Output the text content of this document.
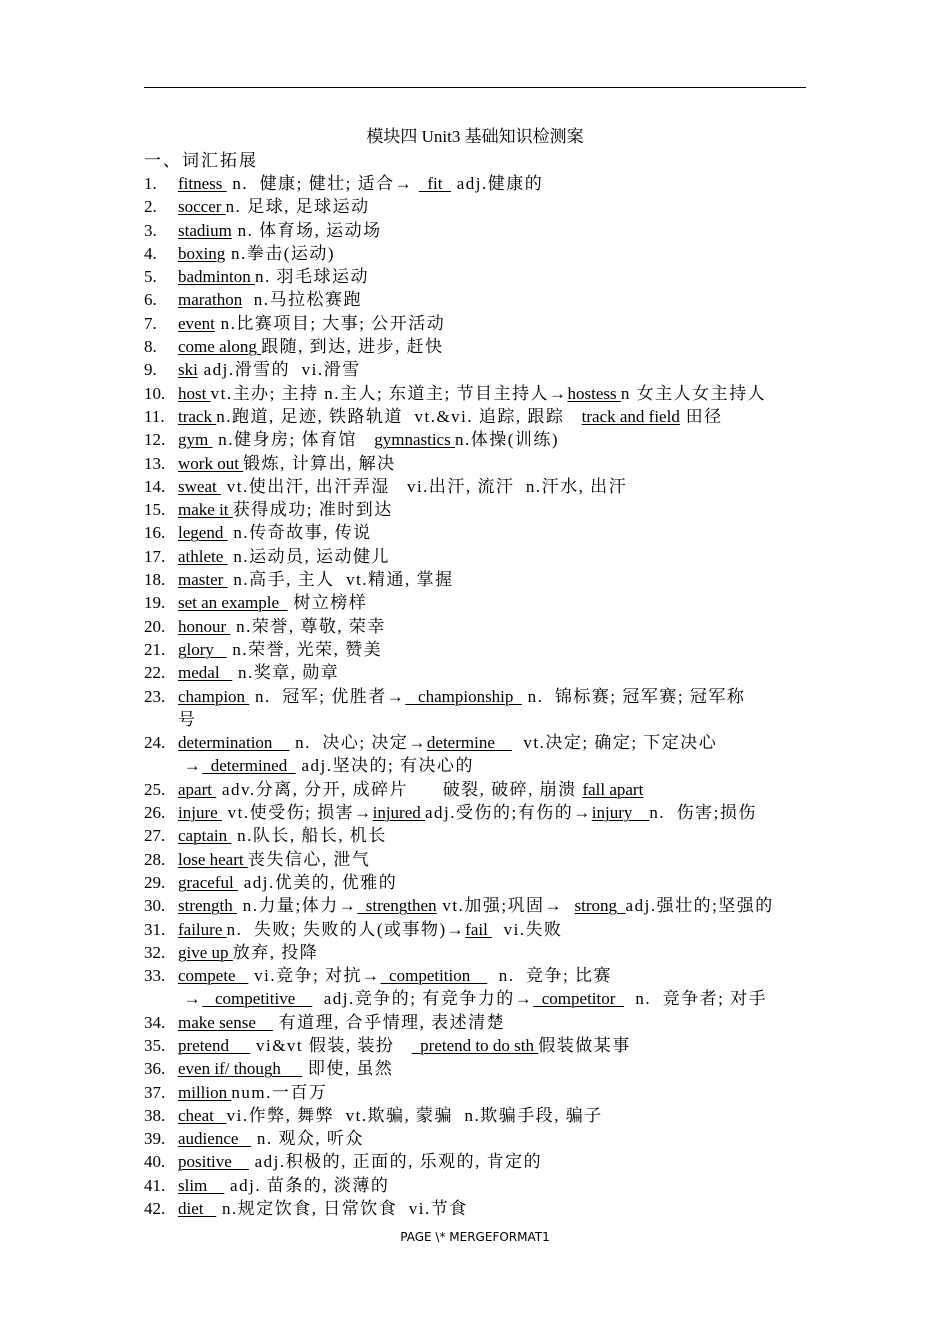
模块四 Unit3 基础知识检测案
一、词汇拓展
1.	fitness  n.  健康; 健壮; 适合→   fit   adj.健康的
2.	soccer n. 足球, 足球运动
3.	stadium n. 体育场, 运动场
4.	boxing n.拳击(运动)
5.	badminton n. 羽毛球运动
6.	marathon  n.马拉松赛跑
7.	event n.比赛项目; 大事; 公开活动
8.	come along 跟随, 到达, 进步, 赶快
9.	ski adj.滑雪的  vi.滑雪
10. host vt.主办; 主持 n.主人; 东道主; 节目主持人→hostess n 女主人女主持人
11. track n.跑道, 足迹, 铁路轨道  vt.&vi. 追踪, 跟踪   track and field 田径
12. gym  n.健身房; 体育馆   gymnastics n.体操(训练)
13. work out 锻炼, 计算出, 解决
14. sweat  vt.使出汗, 出汗弄湿   vi.出汗, 流汗  n.汗水, 出汗
15. make it 获得成功; 准时到达
16. legend  n.传奇故事, 传说
17. athlete  n.运动员, 运动健儿
18. master  n.高手, 主人  vt.精通, 掌握
19. set an example   树立榜样
20. honour  n.荣誉, 尊敬, 荣幸
21. glory    n.荣誉, 光荣, 赞美
22. medal    n.奖章, 勋章
23. champion  n.  冠军; 优胜者→   championship   n.  锦标赛; 冠军赛; 冠军称
号
24. determination     n.  决心; 决定→determine      vt.决定; 确定; 下定决心
→  determined   adj.坚决的; 有决心的
25. apart  adv.分离, 分开, 成碎片      破裂, 破碎, 崩溃 fall apart
26. injure  vt.使受伤; 损害→injured adj.受伤的;有伤的→injury    n.  伤害;损伤
27. captain  n.队长, 船长, 机长
28. lose heart 丧失信心, 泄气
29. graceful  adj.优美的, 优雅的
30. strength  n.力量;体力→  strengthen vt.加强;巩固→  strong  adj.强壮的;坚强的
31. failure n.  失败; 失败的人(或事物)→fail   vi.失败
32. give up 放弃, 投降
33. compete    vi.竞争; 对抗→  competition      n.  竞争; 比赛
→   competitive      adj.竞争的; 有竞争力的→  competitor    n.  竞争者; 对手
34. make sense     有道理, 合乎情理, 表述清楚
35. pretend      vi&vt 假装, 装扮     pretend to do sth 假装做某事
36. even if/ though      即使, 虽然
37. million num.一百万
38. cheat   vi.作弊, 舞弊  vt.欺骗, 蒙骗  n.欺骗手段, 骗子
39. audience    n. 观众, 听众
40. positive     adj.积极的, 正面的, 乐观的, 肯定的
41. slim     adj. 苗条的, 淡薄的
42. diet    n.规定饮食, 日常饮食  vi.节食
PAGE \* MERGEFORMAT1
